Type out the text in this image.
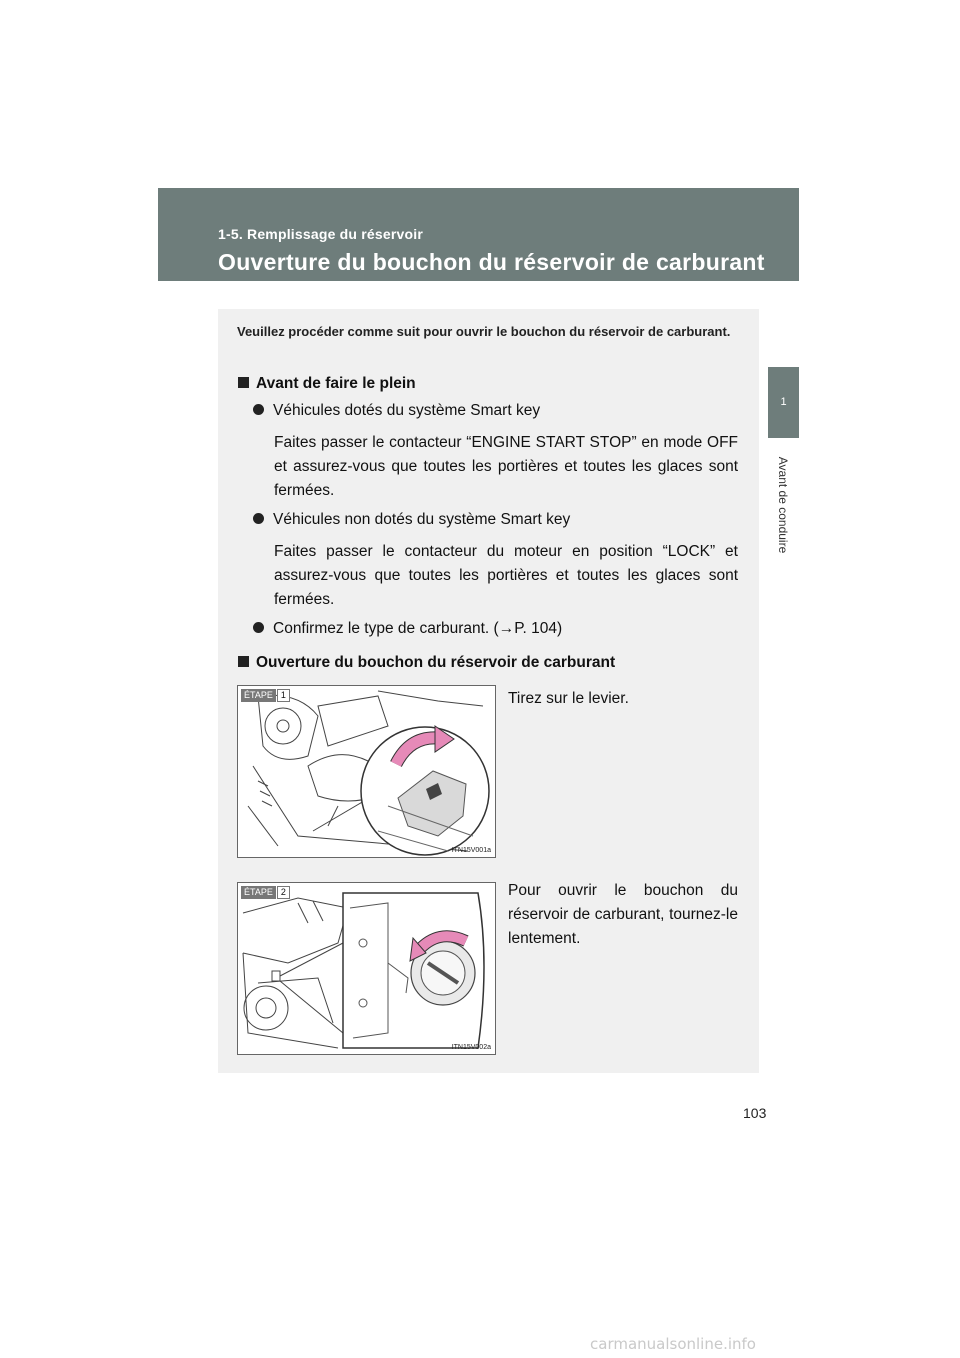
1-5. Remplissage du réservoir
Ouverture du bouchon du réservoir de carburant
1
Avant de conduire
Veuillez procéder comme suit pour ouvrir le bouchon du réservoir de carburant.
Avant de faire le plein
Véhicules dotés du système Smart key
Faites passer le contacteur “ENGINE START STOP” en mode OFF et assurez-vous que toutes les portières et toutes les glaces sont fermées.
Véhicules non dotés du système Smart key
Faites passer le contacteur du moteur en position “LOCK” et assurez-vous que toutes les portières et toutes les glaces sont fermées.
Confirmez le type de carburant. (→P. 104)
Ouverture du bouchon du réservoir de carburant
ÉTAPE 1
ITN15V001a
Tirez sur le levier.
ÉTAPE 2
ITN15V002a
Pour ouvrir le bouchon du réservoir de carburant, tournez-le lentement.
103
carmanualsonline.info
